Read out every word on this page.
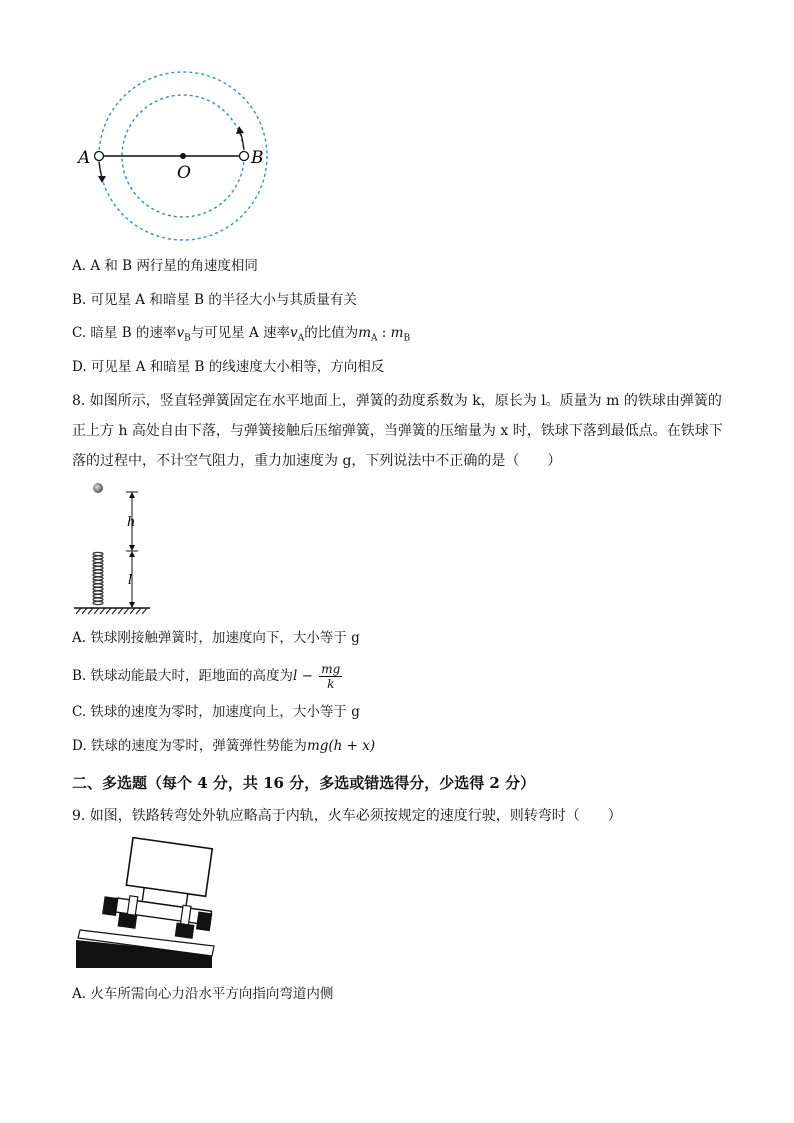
A	B
O
A. A 和 B 两行星的角速度相同
B. 可见星 A 和暗星 B 的半径大小与其质量有关
C. 暗星 B 的速率$v_B$与可见星 A 速率$v_A$的比值为$m_A$ : $m_B$
D. 可见星 A 和暗星 B 的线速度大小相等，方向相反
8. 如图所示，竖直轻弹簧固定在水平地面上，弹簧的劲度系数为 k，原长为 l。质量为 m 的铁球由弹簧的
正上方 h 高处自由下落，与弹簧接触后压缩弹簧，当弹簧的压缩量为 x 时，铁球下落到最低点。在铁球下
落的过程中，不计空气阻力，重力加速度为 g，下列说法中不正确的是（　　）
h
l
A. 铁球刚接触弹簧时，加速度向下，大小等于 g
B. 铁球动能最大时，距地面的高度为$l - \frac{mg}{k}$
C. 铁球的速度为零时，加速度向上，大小等于 g
D. 铁球的速度为零时，弹簧弹性势能为mg(h + x)
二、多选题（每个 4 分，共 16 分，多选或错选得分，少选得 2 分）
9. 如图，铁路转弯处外轨应略高于内轨，火车必须按规定的速度行驶，则转弯时（　　）
A. 火车所需向心力沿水平方向指向弯道内侧
